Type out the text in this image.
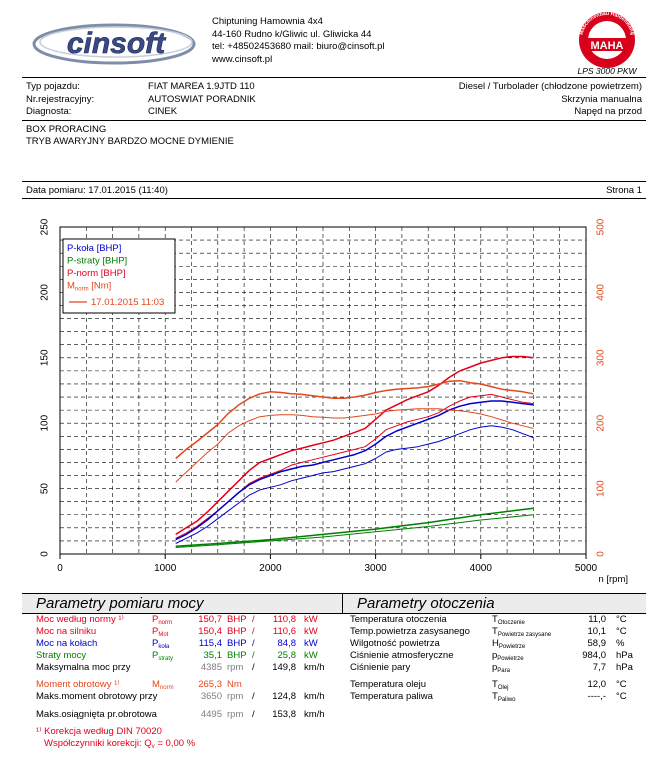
cinsoft
Chiptuning Hamownia 4x4
44-160 Rudno k/Gliwic ul. Gliwicka 44
tel: +48502453680 mail: biuro@cinsoft.pl
www.cinsoft.pl
Maschinenbau Haldenwang
MAHA
LPS 3000 PKW
Typ pojazdu:	FIAT MAREA 1.9JTD 110	Diesel / Turbolader (chłodzone powietrzem)
Nr.rejestracyjny:	AUTOSWIAT PORADNIK	Skrzynia manualna
Diagnosta:	CINEK	Napęd na przod
BOX PRORACING
TRYB AWARYJNY BARDZO MOCNE DYMIENIE
Data pomiaru: 17.01.2015 (11:40)	Strona 1
0	1000	2000	3000	4000	5000
0
50
100
150
200
250
0
100
200
300
400
500
P-koła [BHP]
P-straty [BHP]
P-norm [BHP]
$M_{norm}$ [Nm]
17.01.2015 11:03
n [rpm]
Parametry pomiaru mocy
Moc według normy ¹⁾	$P_{norm}$	150,7 BHP /	110,8 kW
Moc na silniku	$P_{Mot}$	150,4 BHP /	110,6 kW
Moc na kołach	$P_{koła}$	115,4 BHP /	84,8 kW
Straty mocy	$P_{straty}$	35,1 BHP /	25,8 kW
Maksymalna moc przy	4385 rpm /	149,8 km/h
Moment obrotowy ¹⁾	$M_{norm}$	265,3 Nm
Maks.moment obrotowy przy	3650 rpm /	124,8 km/h
Maks.osiągnięta pr.obrotowa	4495 rpm /	153,8 km/h
¹⁾ Korekcja według DIN 70020
Współczynniki korekcji: $Q_v = 0,00$ %
Parametry otoczenia
Temperatura otoczenia	$T_{Otoczenie}$	11,0 °C
Temp.powietrza zasysanego $T_{Powietrze zasysane}$	10,1 °C
Wilgotność powietrza	$H_{Powietrze}$	58,9 %
Ciśnienie atmosferyczne	$p_{Powietrze}$	984,0 hPa
Ciśnienie pary	$p_{Para}$	7,7 hPa
Temperatura oleju	$T_{Olej}$	12,0 °C
Temperatura paliwa	$T_{Paliwo}$	----,- °C
